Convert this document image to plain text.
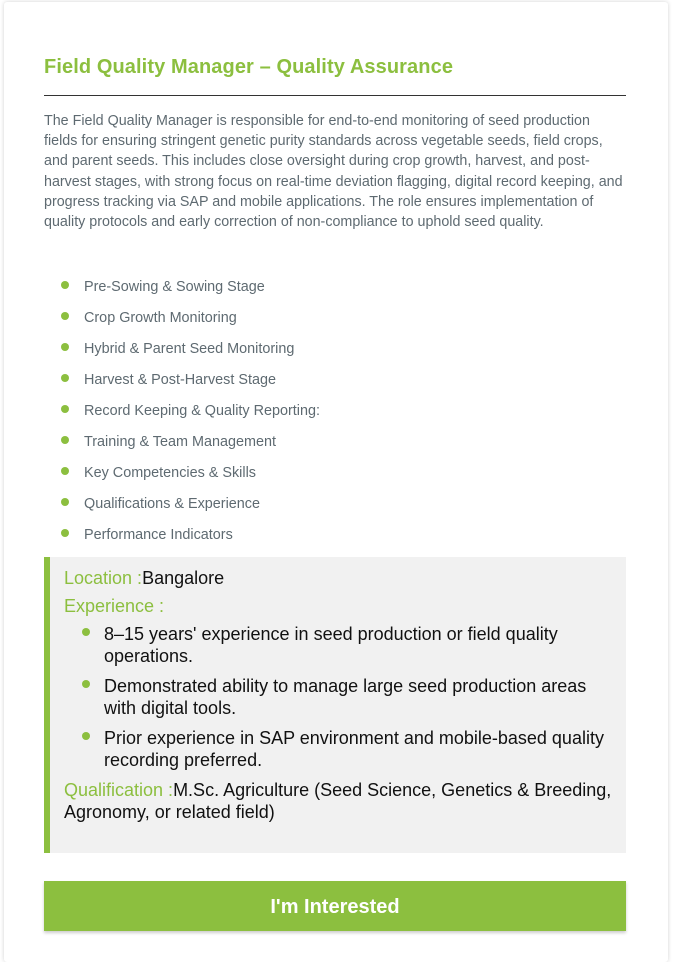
Field Quality Manager – Quality Assurance
The Field Quality Manager is responsible for end-to-end monitoring of seed production fields for ensuring stringent genetic purity standards across vegetable seeds, field crops, and parent seeds. This includes close oversight during crop growth, harvest, and post-harvest stages, with strong focus on real-time deviation flagging, digital record keeping, and progress tracking via SAP and mobile applications. The role ensures implementation of quality protocols and early correction of non-compliance to uphold seed quality.
Pre-Sowing & Sowing Stage
Crop Growth Monitoring
Hybrid & Parent Seed Monitoring
Harvest & Post-Harvest Stage
Record Keeping & Quality Reporting:
Training & Team Management
Key Competencies & Skills
Qualifications & Experience
Performance Indicators
Location :Bangalore
Experience :
8–15 years' experience in seed production or field quality operations.
Demonstrated ability to manage large seed production areas with digital tools.
Prior experience in SAP environment and mobile-based quality recording preferred.
Qualification :M.Sc. Agriculture (Seed Science, Genetics & Breeding, Agronomy, or related field)
I'm Interested
